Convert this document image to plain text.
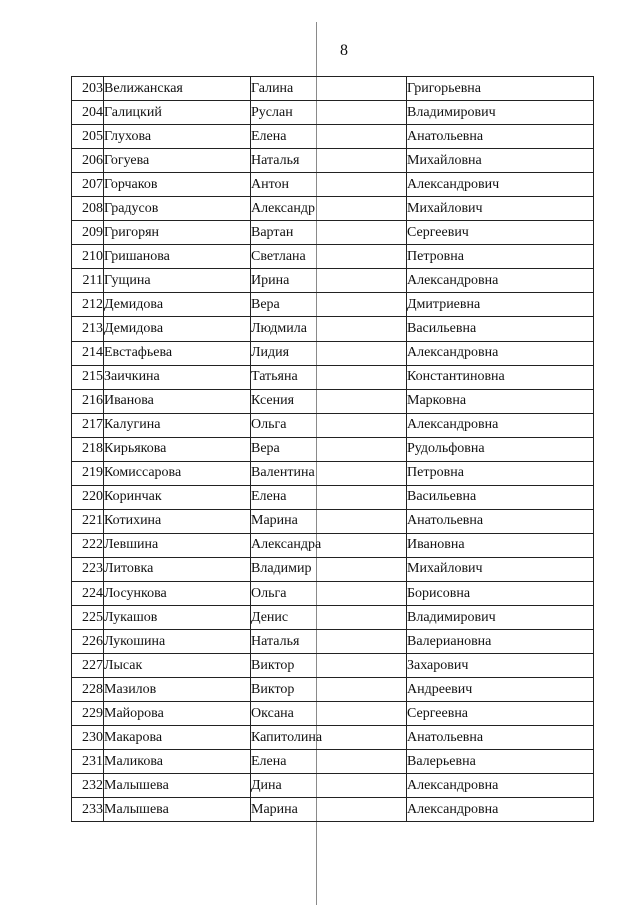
8
203	Велижанская	Галина	Григорьевна
204	Галицкий	Руслан	Владимирович
205	Глухова	Елена	Анатольевна
206	Гогуева	Наталья	Михайловна
207	Горчаков	Антон	Александрович
208	Градусов	Александр	Михайлович
209	Григорян	Вартан	Сергеевич
210	Гришанова	Светлана	Петровна
211	Гущина	Ирина	Александровна
212	Демидова	Вера	Дмитриевна
213	Демидова	Людмила	Васильевна
214	Евстафьева	Лидия	Александровна
215	Заичкина	Татьяна	Константиновна
216	Иванова	Ксения	Марковна
217	Калугина	Ольга	Александровна
218	Кирьякова	Вера	Рудольфовна
219	Комиссарова	Валентина	Петровна
220	Коринчак	Елена	Васильевна
221	Котихина	Марина	Анатольевна
222	Левшина	Александра	Ивановна
223	Литовка	Владимир	Михайлович
224	Лосункова	Ольга	Борисовна
225	Лукашов	Денис	Владимирович
226	Лукошина	Наталья	Валериановна
227	Лысак	Виктор	Захарович
228	Мазилов	Виктор	Андреевич
229	Майорова	Оксана	Сергеевна
230	Макарова	Капитолина	Анатольевна
231	Маликова	Елена	Валерьевна
232	Малышева	Дина	Александровна
233	Малышева	Марина	Александровна
